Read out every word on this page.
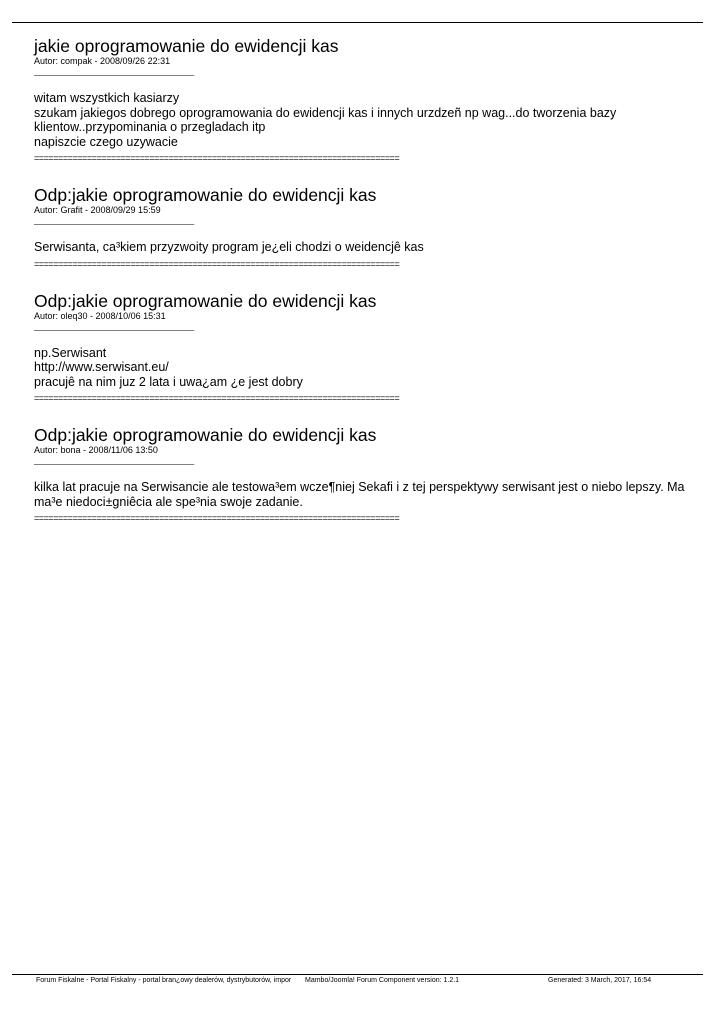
jakie oprogramowanie do ewidencji kas
Autor: compak - 2008/09/26 22:31
________________________________
witam wszystkich kasiarzy
szukam jakiegos dobrego oprogramowania do ewidencji kas i innych urzdzeñ np wag...do tworzenia bazy klientow..przypominania o przegladach itp
napiszcie czego uzywacie
============================================================================
Odp:jakie oprogramowanie do ewidencji kas
Autor: Grafit - 2008/09/29 15:59
________________________________
Serwisanta, ca³kiem przyzwoity program je¿eli chodzi o weidencjê kas
============================================================================
Odp:jakie oprogramowanie do ewidencji kas
Autor: oleq30 - 2008/10/06 15:31
________________________________
np.Serwisant
http://www.serwisant.eu/
pracujê na nim juz 2 lata i uwa¿am ¿e jest dobry
============================================================================
Odp:jakie oprogramowanie do ewidencji kas
Autor: bona - 2008/11/06 13:50
________________________________
kilka lat pracuje na Serwisancie ale testowa³em wcze¶niej Sekafi i z tej perspektywy serwisant jest o niebo lepszy. Ma ma³e niedoci±gniêcia ale spe³nia swoje zadanie.
============================================================================
Forum Fiskalne - Portal Fiskalny - portal bran¿owy dealerów, dystrybutorów, impor Mambo/Joomla! Forum Component version: 1.2.1	Generated: 3 March, 2017, 16:54
